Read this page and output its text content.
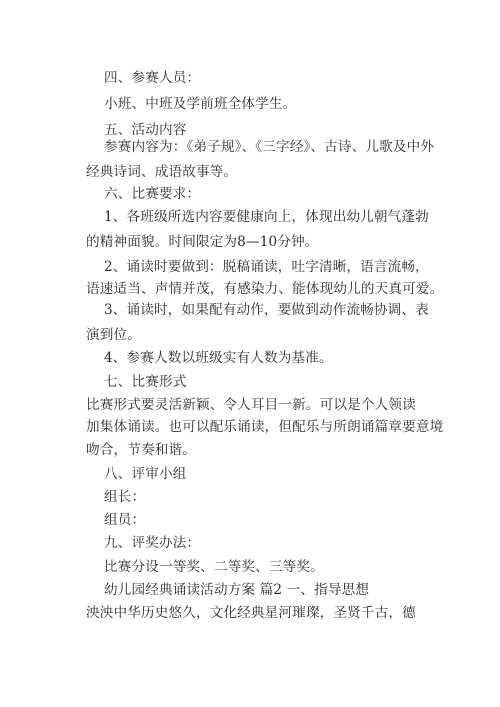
四、参赛人员：
小班、中班及学前班全体学生。
五、活动内容
参赛内容为：《弟子规》、《三字经》、古诗、儿歌及中外
经典诗词、成语故事等。
六、比赛要求：
1、各班级所选内容要健康向上，体现出幼儿朝气蓬勃
的精神面貌。时间限定为8—10分钟。
2、诵读时要做到：脱稿诵读，吐字清晰，语言流畅，
语速适当、声情并茂，有感染力、能体现幼儿的天真可爱。
3、诵读时，如果配有动作，要做到动作流畅协调、表
演到位。
4、参赛人数以班级实有人数为基准。
七、比赛形式
比赛形式要灵活新颖、令人耳目一新。可以是个人领读
加集体诵读。也可以配乐诵读，但配乐与所朗诵篇章要意境
吻合，节奏和谐。
八、评审小组
组长：
组员：
九、评奖办法：
比赛分设一等奖、二等奖、三等奖。
幼儿园经典诵读活动方案 篇2 一、指导思想
泱泱中华历史悠久，文化经典星河璀璨，圣贤千古，德
